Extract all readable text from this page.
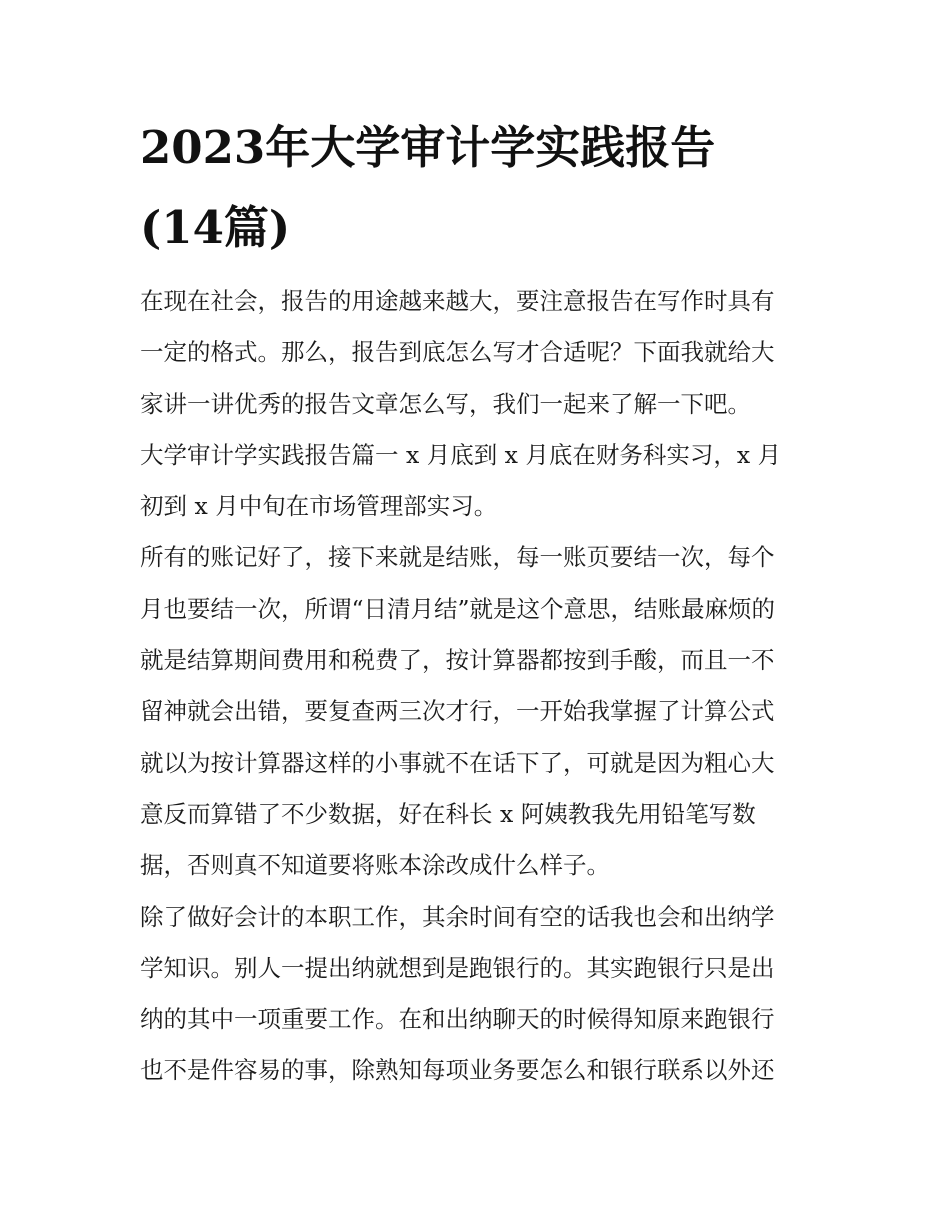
2023年大学审计学实践报告
(14篇)
在现在社会，报告的用途越来越大，要注意报告在写作时具有
一定的格式。那么，报告到底怎么写才合适呢？下面我就给大
家讲一讲优秀的报告文章怎么写，我们一起来了解一下吧。
大学审计学实践报告篇一 x 月底到 x 月底在财务科实习，x 月
初到 x 月中旬在市场管理部实习。
所有的账记好了，接下来就是结账，每一账页要结一次，每个
月也要结一次，所谓“日清月结”就是这个意思，结账最麻烦的
就是结算期间费用和税费了，按计算器都按到手酸，而且一不
留神就会出错，要复查两三次才行，一开始我掌握了计算公式
就以为按计算器这样的小事就不在话下了，可就是因为粗心大
意反而算错了不少数据，好在科长 x 阿姨教我先用铅笔写数
据，否则真不知道要将账本涂改成什么样子。
除了做好会计的本职工作，其余时间有空的话我也会和出纳学
学知识。别人一提出纳就想到是跑银行的。其实跑银行只是出
纳的其中一项重要工作。在和出纳聊天的时候得知原来跑银行
也不是件容易的事，除熟知每项业务要怎么和银行联系以外还
